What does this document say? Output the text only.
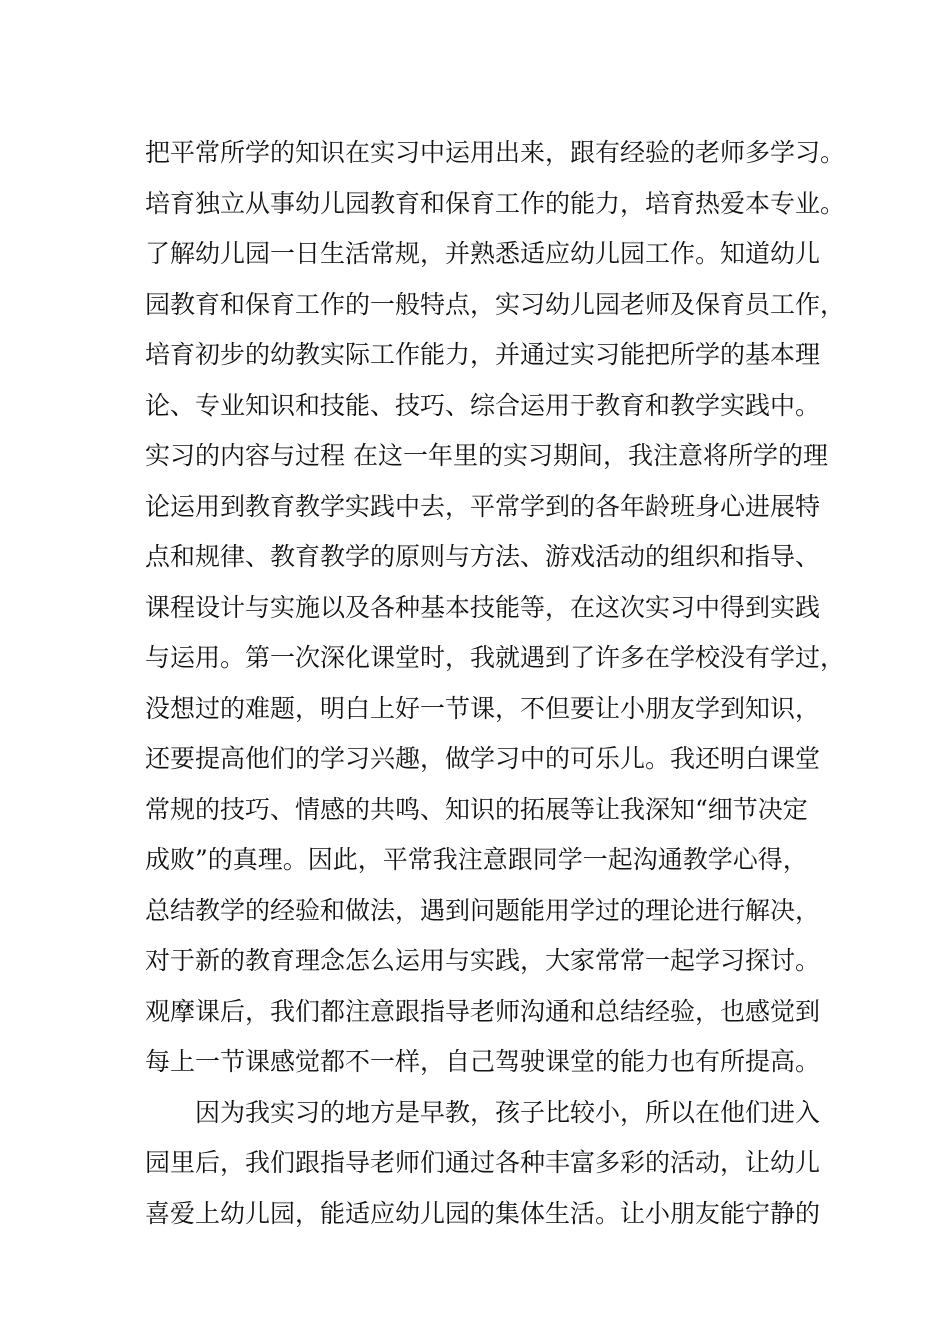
把平常所学的知识在实习中运用出来，跟有经验的老师多学习。
培育独立从事幼儿园教育和保育工作的能力，培育热爱本专业。
了解幼儿园一日生活常规，并熟悉适应幼儿园工作。知道幼儿
园教育和保育工作的一般特点，实习幼儿园老师及保育员工作，
培育初步的幼教实际工作能力，并通过实习能把所学的基本理
论、专业知识和技能、技巧、综合运用于教育和教学实践中。
实习的内容与过程 在这一年里的实习期间，我注意将所学的理
论运用到教育教学实践中去，平常学到的各年龄班身心进展特
点和规律、教育教学的原则与方法、游戏活动的组织和指导、
课程设计与实施以及各种基本技能等，在这次实习中得到实践
与运用。第一次深化课堂时，我就遇到了许多在学校没有学过，
没想过的难题，明白上好一节课，不但要让小朋友学到知识，
还要提高他们的学习兴趣，做学习中的可乐儿。我还明白课堂
常规的技巧、情感的共鸣、知识的拓展等让我深知“细节决定
成败”的真理。因此，平常我注意跟同学一起沟通教学心得，
总结教学的经验和做法，遇到问题能用学过的理论进行解决，
对于新的教育理念怎么运用与实践，大家常常一起学习探讨。
观摩课后，我们都注意跟指导老师沟通和总结经验，也感觉到
每上一节课感觉都不一样，自己驾驶课堂的能力也有所提高。
因为我实习的地方是早教，孩子比较小，所以在他们进入
园里后，我们跟指导老师们通过各种丰富多彩的活动，让幼儿
喜爱上幼儿园，能适应幼儿园的集体生活。让小朋友能宁静的
